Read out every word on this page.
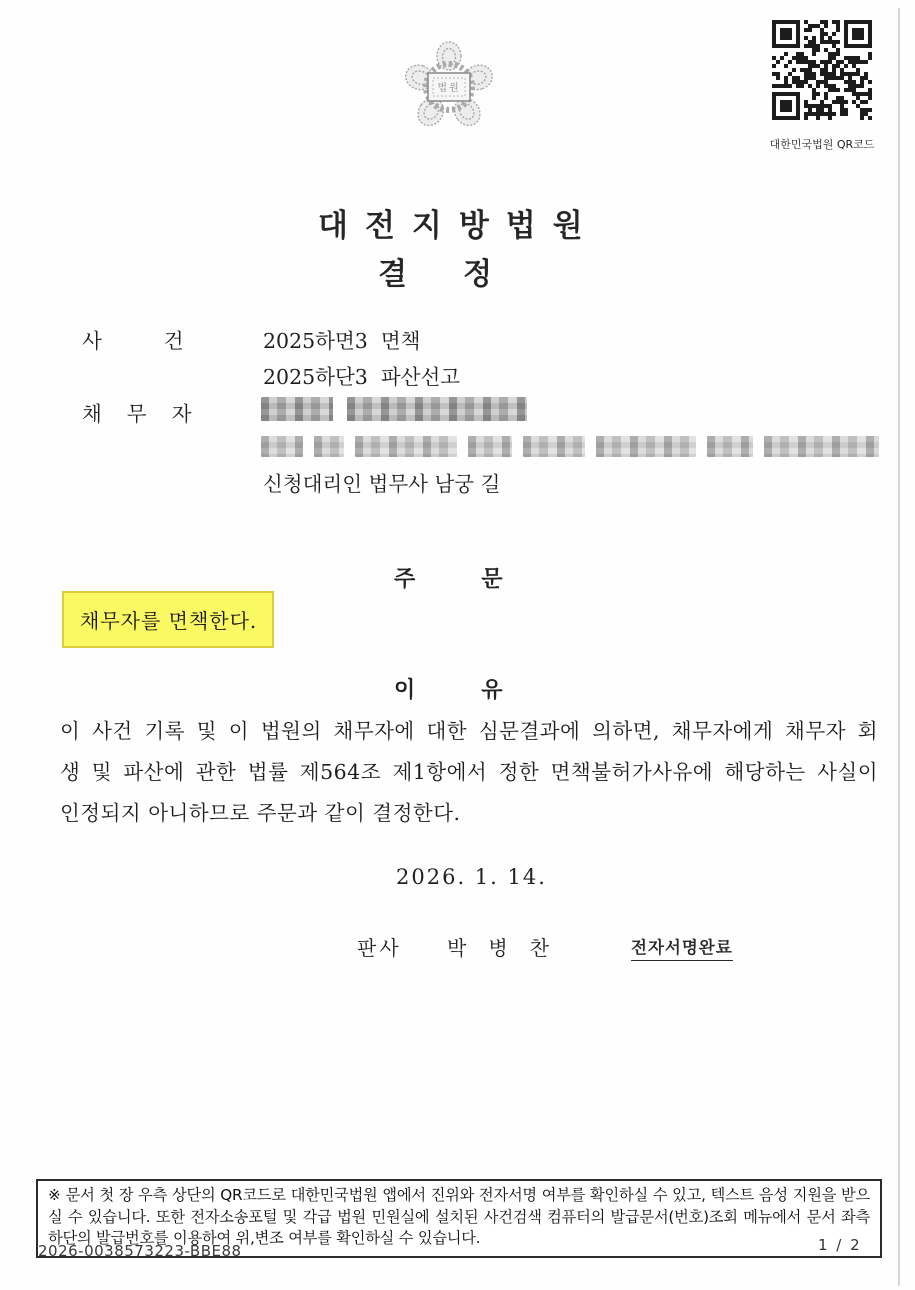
법원
대한민국법원 QR코드
대전지방법원
결정
사건 2025하면3  면책
2025하단3  파산선고
채무자
신청대리인 법무사 남궁 길
주문
채무자를 면책한다.
이유
이 사건 기록 및 이 법원의 채무자에 대한 심문결과에 의하면, 채무자에게 채무자 회
생 및 파산에 관한 법률 제564조 제1항에서 정한 면책불허가사유에 해당하는 사실이
인정되지 아니하므로 주문과 같이 결정한다.
2026. 1. 14.
판사 박병찬	전자서명완료

※ 문서 첫 장 우측 상단의 QR코드로 대한민국법원 앱에서 진위와 전자서명 여부를 확인하실 수 있고, 텍스트 음성 지원을 받으실 수 있습니다. 또한 전자소송포털 및 각급 법원 민원실에 설치된 사건검색 컴퓨터의 발급문서(번호)조회 메뉴에서 문서 좌측 하단의 발급번호를 이용하여 위,변조 여부를 확인하실 수 있습니다.

2026-0038573223-BBE88	1 / 2
